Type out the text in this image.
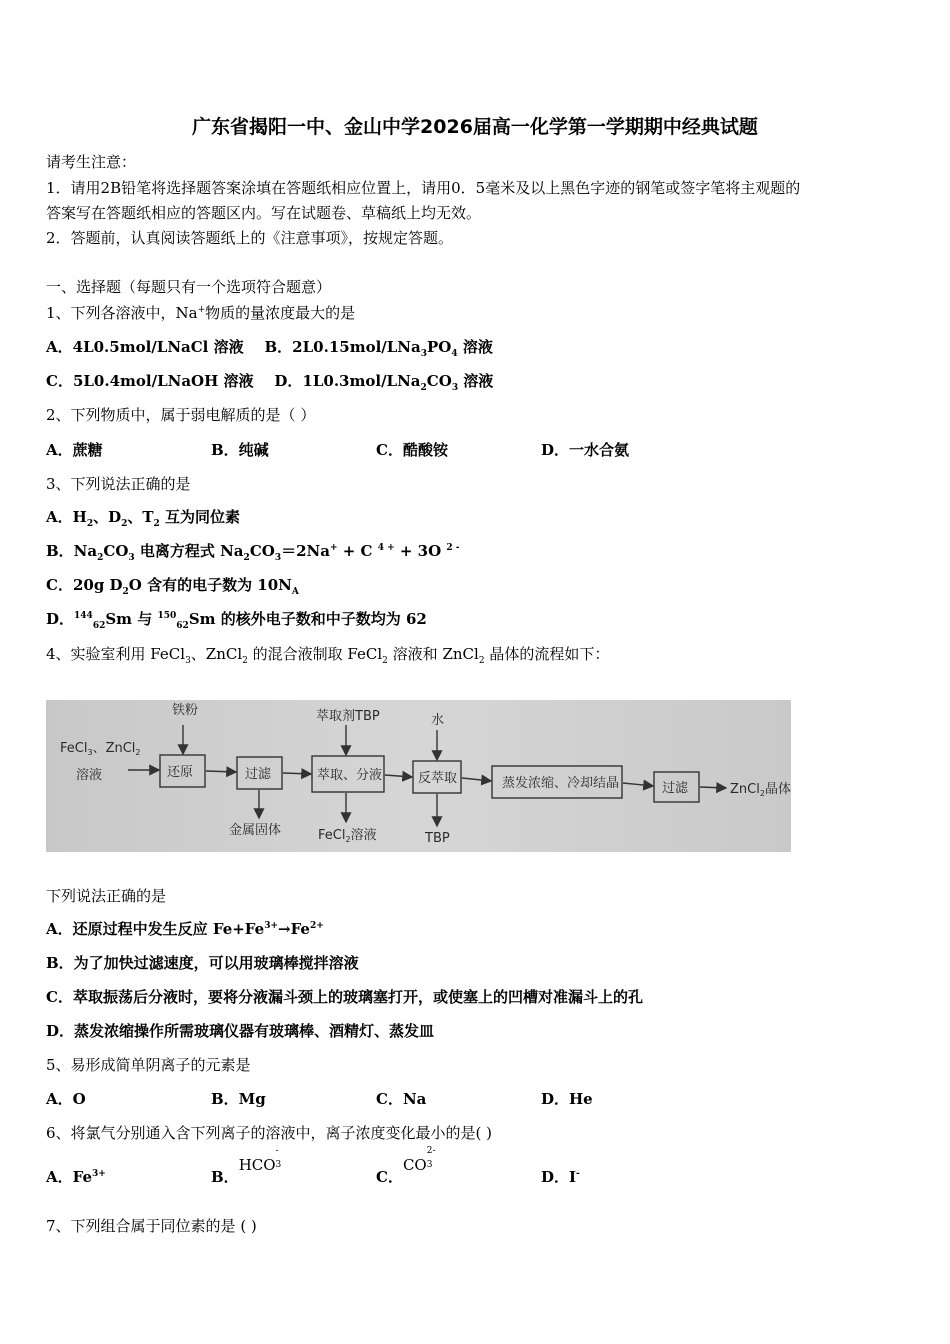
广东省揭阳一中、金山中学2026届高一化学第一学期期中经典试题
请考生注意：
1．请用2B铅笔将选择题答案涂填在答题纸相应位置上，请用0．5毫米及以上黑色字迹的钢笔或签字笔将主观题的
答案写在答题纸相应的答题区内。写在试题卷、草稿纸上均无效。
2．答题前，认真阅读答题纸上的《注意事项》，按规定答题。
一、选择题（每题只有一个选项符合题意）
1、下列各溶液中，Na+物质的量浓度最大的是
A．4L0.5mol/LNaCl 溶液 B．$2L0.15mol/LNa_3PO_4$ 溶液
C．5L0.4mol/LNaOH 溶液 D．$1L0.3mol/LNa_2CO_3$ 溶液
2、下列物质中，属于弱电解质的是（ ）
A．蔗糖	B．纯碱	C．酷酸铵	D．一水合氨
3、下列说法正确的是
A．$H_2$、$D_2$、$T_2$ 互为同位素
B．$Na_2CO_3$ 电离方程式 $Na_2CO_3=2Na^+ + C$ $^{4 +}$ + 3O $^{2 -}$
C．20g $D_2O$ 含有的电子数为 $10N_A$
D．$^{144}_{62}$Sm 与 $^{150}_{62}$Sm 的核外电子数和中子数均为 62
4、实验室利用 FeCl$_3$、ZnCl$_2$ 的混合液制取 FeCl$_2$ 溶液和 ZnCl$_2$ 晶体的流程如下：
FeCl$_3$、ZnCl$_2$
溶液
铁粉
还原	过滤
金属固体
萃取剂TBP
萃取、分液
FeCl$_2$溶液
水
反萃取
TBP
蒸发浓缩、冷却结晶	过滤	ZnCl$_2$晶体
下列说法正确的是
A．还原过程中发生反应 $Fe+Fe^{3+}\to Fe^{2+}$
B．为了加快过滤速度，可以用玻璃棒搅拌溶液
C．萃取振荡后分液时，要将分液漏斗颈上的玻璃塞打开，或使塞上的凹槽对准漏斗上的孔
D．蒸发浓缩操作所需玻璃仪器有玻璃棒、酒精灯、蒸发皿
5、易形成简单阴离子的元素是
A．O	B．Mg	C．Na	D．He
6、将氯气分别通入含下列离子的溶液中，离子浓度变化最小的是( )
A．$Fe^{3+}$	B．HCO
-
3
C．CO
2-
3
D．I-
7、下列组合属于同位素的是 ( )
